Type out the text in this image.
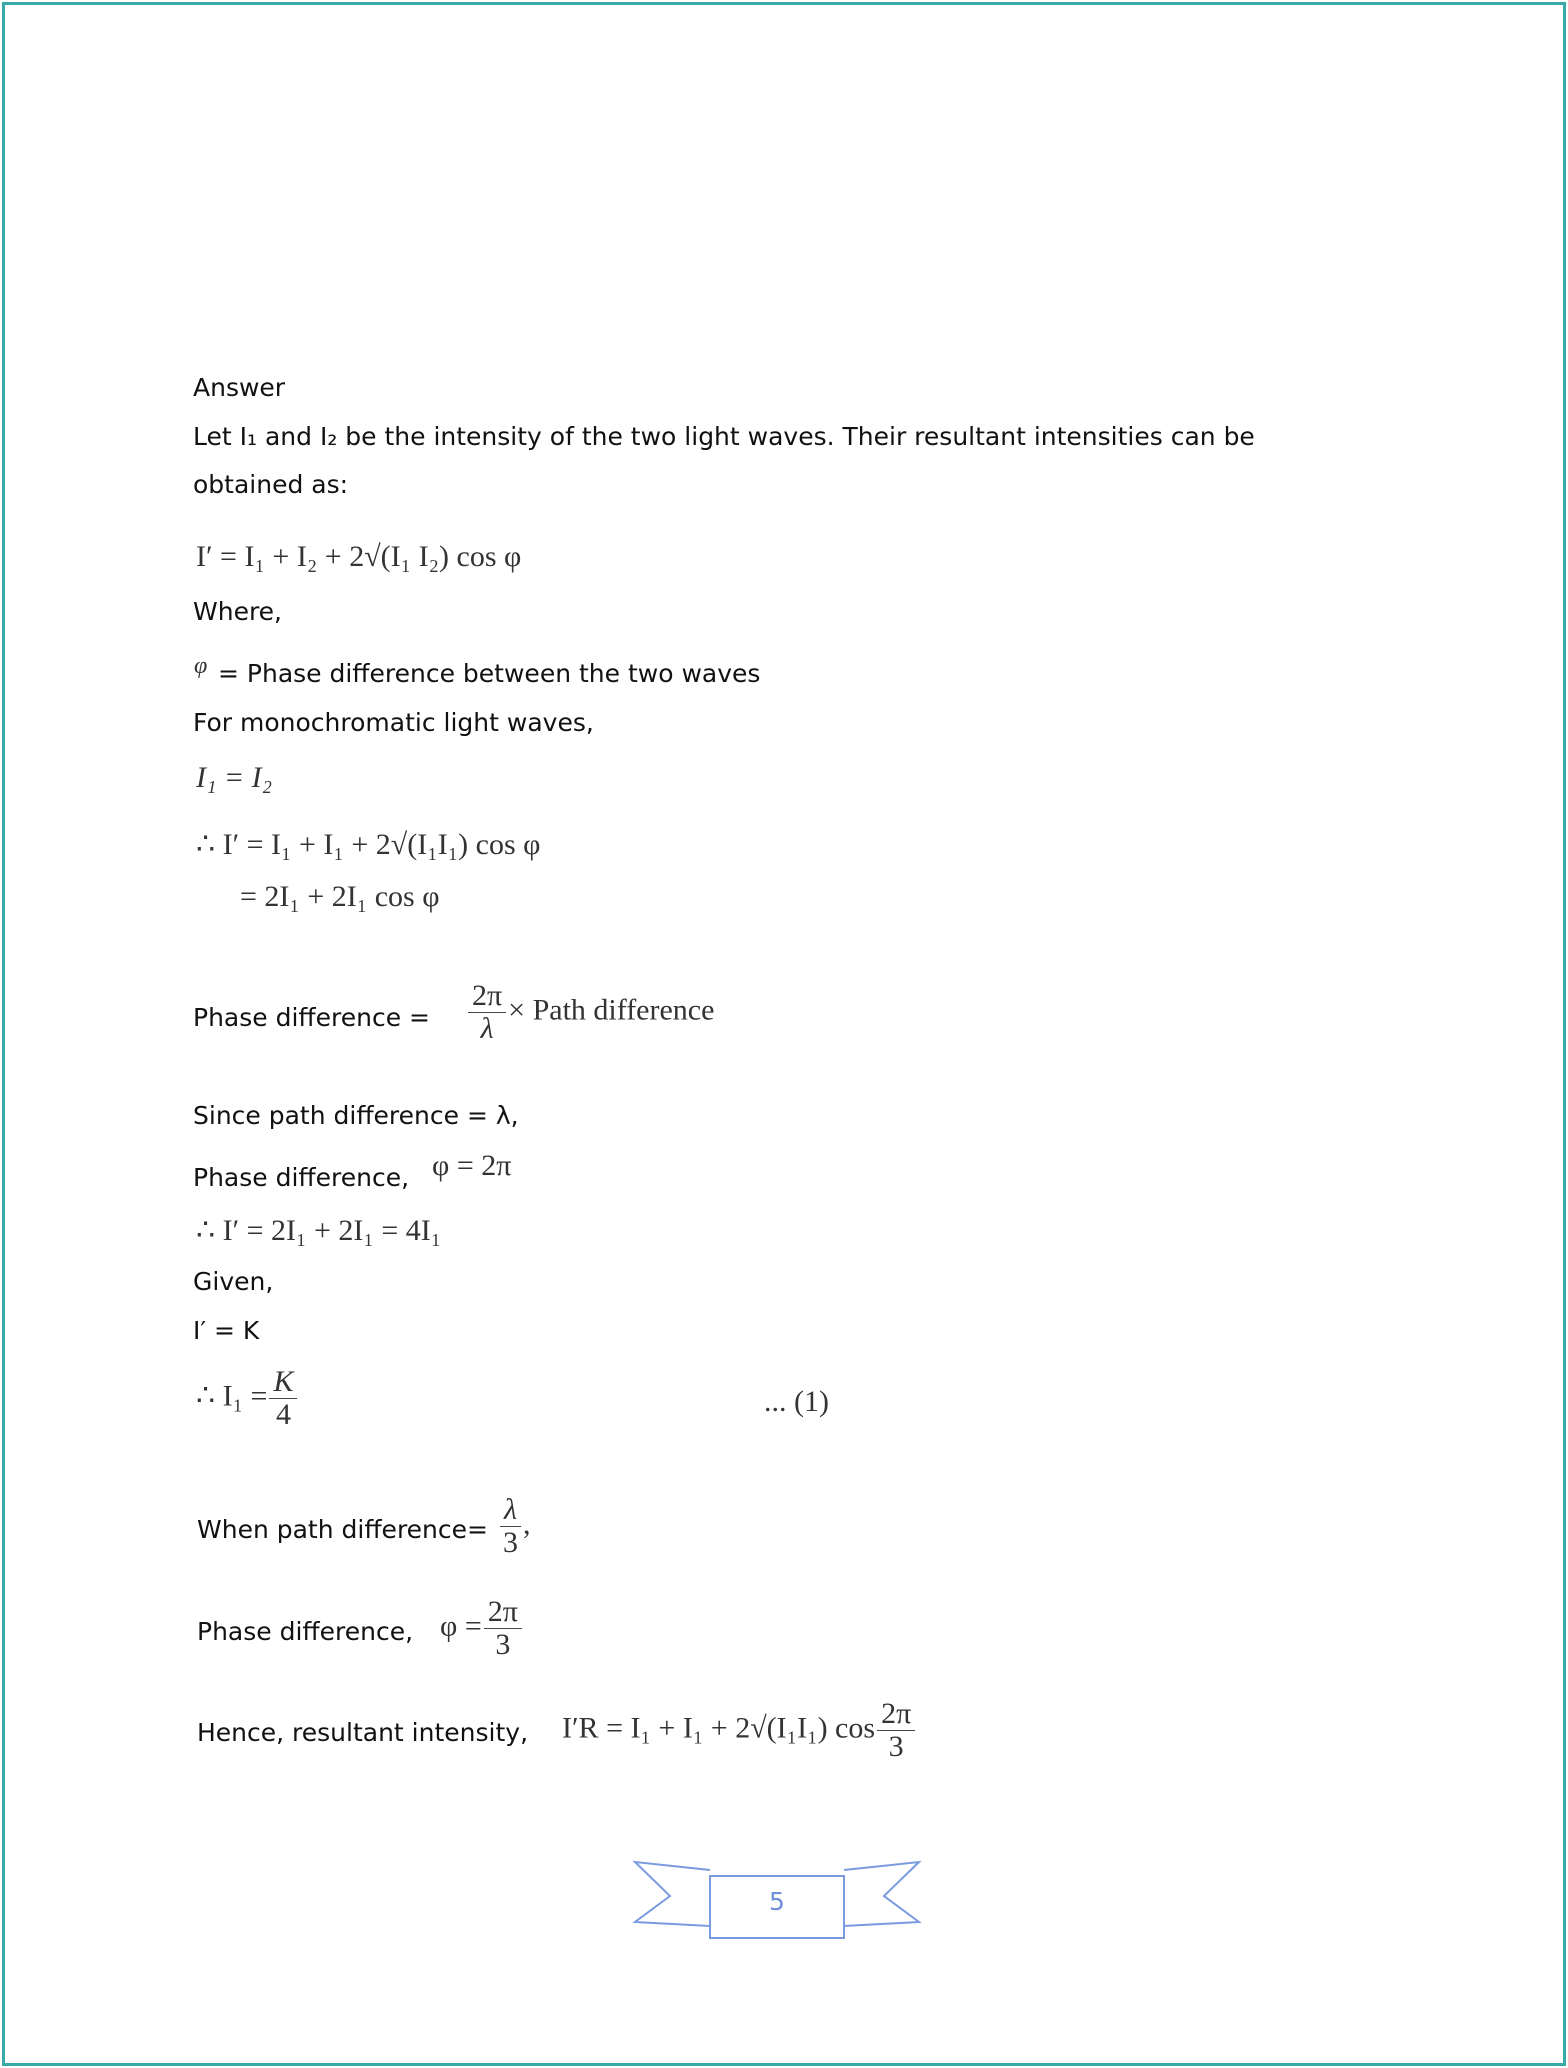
Answer
Let I₁ and I₂ be the intensity of the two light waves. Their resultant intensities can be
obtained as:
I′ = I₁ + I₂ + 2√(I₁ I₂) cos φ
Where,
φ = Phase difference between the two waves
For monochromatic light waves,
I₁ = I₂
∴ I′ = I₁ + I₁ + 2√(I₁I₁) cos φ
= 2I₁ + 2I₁ cos φ
Phase difference = $\frac{2\pi}{\lambda}$ × Path difference
Since path difference = λ,
Phase difference, φ = 2π
∴ I′ = 2I₁ + 2I₁ = 4I₁
Given,
I′ = K
∴ $I_1 = \frac{K}{4}$	... (1)
When path difference= $\frac{\lambda}{3}$ ,
Phase difference, $\varphi = \frac{2\pi}{3}$
Hence, resultant intensity, I′R = I₁ + I₁ + 2√(I₁I₁) $\cos \frac{2\pi}{3}$
5
